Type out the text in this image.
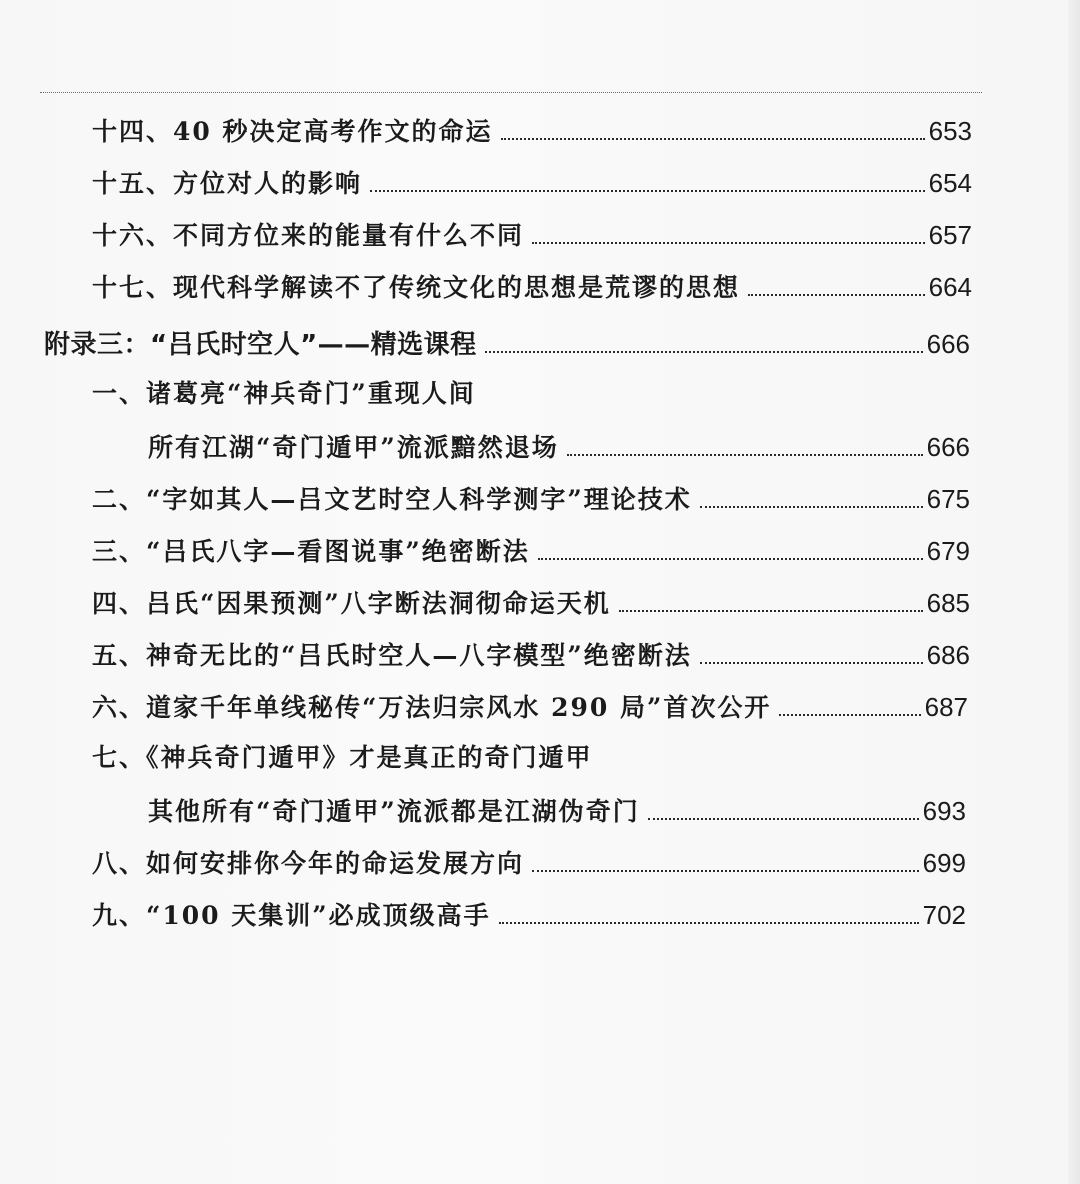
十四、40 秒决定高考作文的命运	653
十五、方位对人的影响	654
十六、不同方位来的能量有什么不同	657
十七、现代科学解读不了传统文化的思想是荒谬的思想	664
附录三：“吕氏时空人”——精选课程	666
一、诸葛亮“神兵奇门”重现人间
所有江湖“奇门遁甲”流派黯然退场	666
二、“字如其人—吕文艺时空人科学测字”理论技术	675
三、“吕氏八字—看图说事”绝密断法	679
四、吕氏“因果预测”八字断法洞彻命运天机	685
五、神奇无比的“吕氏时空人—八字模型”绝密断法	686
六、道家千年单线秘传“万法归宗风水 290 局”首次公开	687
七、《神兵奇门遁甲》才是真正的奇门遁甲
其他所有“奇门遁甲”流派都是江湖伪奇门	693
八、如何安排你今年的命运发展方向	699
九、“100 天集训”必成顶级高手	702
